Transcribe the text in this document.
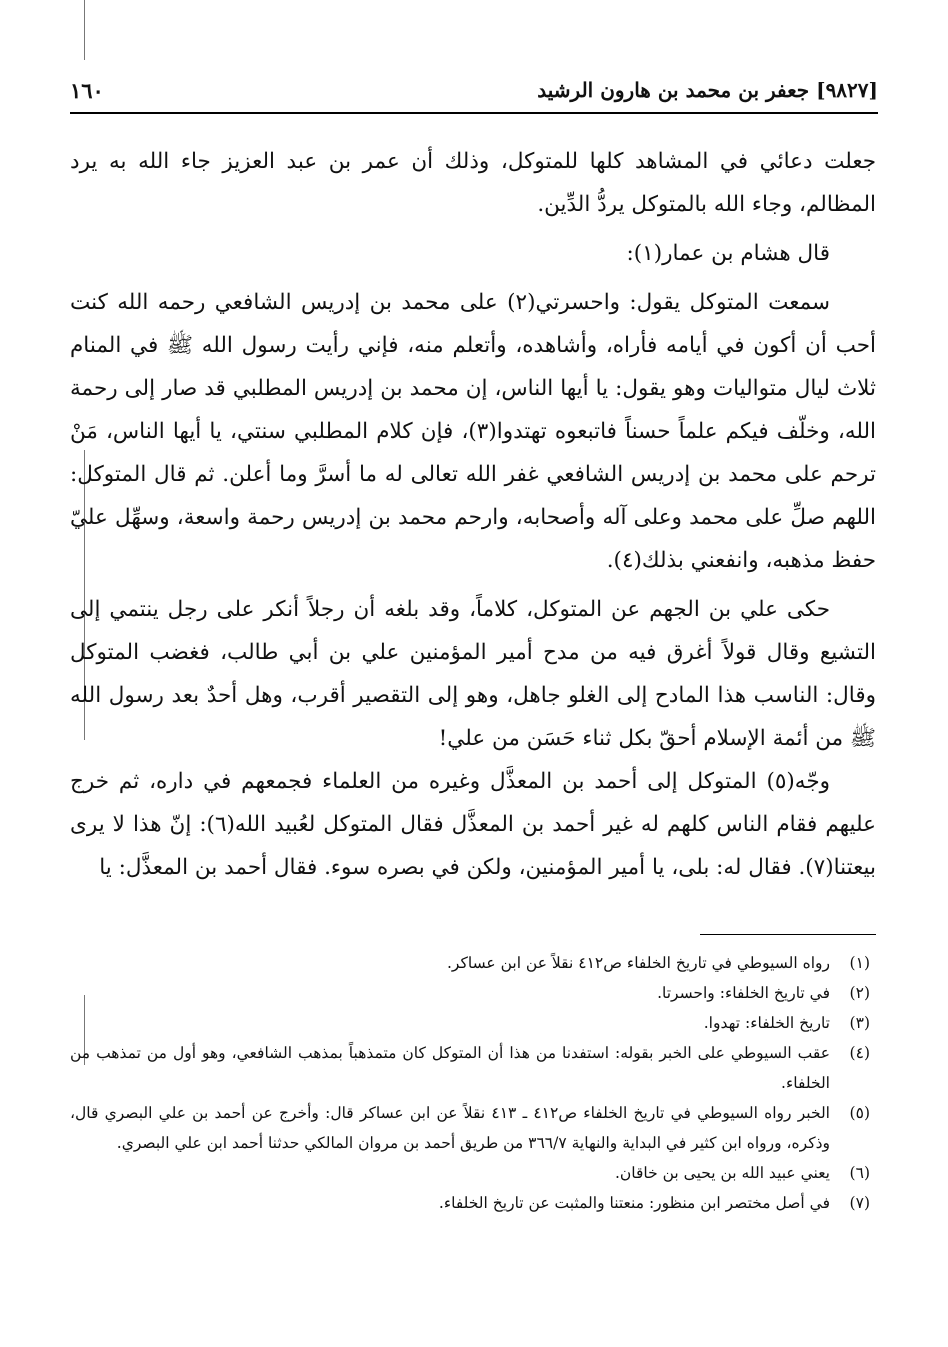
[٩٨٢٧] جعفر بن محمد بن هارون الرشيد
١٦٠

جعلت دعائي في المشاهد كلها للمتوكل، وذلك أن عمر بن عبد العزيز جاء الله به يرد المظالم، وجاء الله بالمتوكل يردُّ الدِّين.

قال هشام بن عمار(١):

سمعت المتوكل يقول: واحسرتي(٢) على محمد بن إدريس الشافعي رحمه الله كنت أحب أن أكون في أيامه فأراه، وأشاهده، وأتعلم منه، فإني رأيت رسول الله ﷺ في المنام ثلاث ليال متواليات وهو يقول: يا أيها الناس، إن محمد بن إدريس المطلبي قد صار إلى رحمة الله، وخلّف فيكم علماً حسناً فاتبعوه تهتدوا(٣)، فإن كلام المطلبي سنتي، يا أيها الناس، مَنْ ترحم على محمد بن إدريس الشافعي غفر الله تعالى له ما أسرَّ وما أعلن. ثم قال المتوكل: اللهم صلِّ على محمد وعلى آله وأصحابه، وارحم محمد بن إدريس رحمة واسعة، وسهِّل عليّ حفظ مذهبه، وانفعني بذلك(٤).

حكى علي بن الجهم عن المتوكل، كلاماً، وقد بلغه أن رجلاً أنكر على رجل ينتمي إلى التشيع وقال قولاً أغرق فيه من مدح أمير المؤمنين علي بن أبي طالب، فغضب المتوكل وقال: الناسب هذا المادح إلى الغلو جاهل، وهو إلى التقصير أقرب، وهل أحدٌ بعد رسول الله ﷺ من أئمة الإسلام أحقّ بكل ثناء حَسَن من علي!

وجّه(٥) المتوكل إلى أحمد بن المعذَّل وغيره من العلماء فجمعهم في داره، ثم خرج عليهم فقام الناس كلهم له غير أحمد بن المعذَّل فقال المتوكل لعُبيد الله(٦): إنّ هذا لا يرى بيعتنا(٧). فقال له: بلى، يا أمير المؤمنين، ولكن في بصره سوء. فقال أحمد بن المعذَّل: يا

(١)
رواه السيوطي في تاريخ الخلفاء ص٤١٢ نقلاً عن ابن عساكر.
(٢)
في تاريخ الخلفاء: واحسرتا.
(٣)
تاريخ الخلفاء: تهدوا.
(٤)
عقب السيوطي على الخبر بقوله: استفدنا من هذا أن المتوكل كان متمذهباً بمذهب الشافعي، وهو أول من تمذهب من الخلفاء.
(٥)
الخبر رواه السيوطي في تاريخ الخلفاء ص٤١٢ ـ ٤١٣ نقلاً عن ابن عساكر قال: وأخرج عن أحمد بن علي البصري قال، وذكره، ورواه ابن كثير في البداية والنهاية ٣٦٦/٧ من طريق أحمد بن مروان المالكي حدثنا أحمد ابن علي البصري.
(٦)
يعني عبيد الله بن يحيى بن خاقان.
(٧)
في أصل مختصر ابن منظور: منعتنا والمثبت عن تاريخ الخلفاء.
